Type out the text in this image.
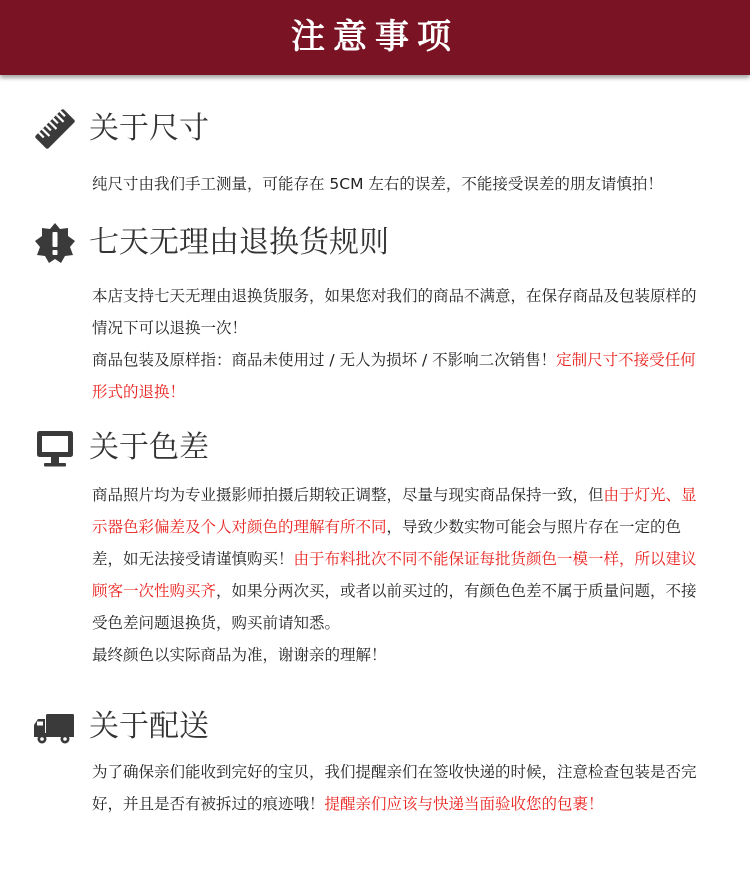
注意事项
关于尺寸

纯尺寸由我们手工测量，可能存在 5CM 左右的误差，不能接受误差的朋友请慎拍！

七天无理由退换货规则

本店支持七天无理由退换货服务，如果您对我们的商品不满意，在保存商品及包装原样的情况下可以退换一次！

商品包装及原样指：商品未使用过 / 无人为损坏 / 不影响二次销售！定制尺寸不接受任何形式的退换！

关于色差

商品照片均为专业摄影师拍摄后期较正调整，尽量与现实商品保持一致，但由于灯光、显示器色彩偏差及个人对颜色的理解有所不同，导致少数实物可能会与照片存在一定的色差，如无法接受请谨慎购买！由于布料批次不同不能保证每批货颜色一模一样，所以建议顾客一次性购买齐，如果分两次买，或者以前买过的，有颜色色差不属于质量问题，不接受色差问题退换货，购买前请知悉。

最终颜色以实际商品为准，谢谢亲的理解！

关于配送

为了确保亲们能收到完好的宝贝，我们提醒亲们在签收快递的时候，注意检查包装是否完好，并且是否有被拆过的痕迹哦！提醒亲们应该与快递当面验收您的包裹！
